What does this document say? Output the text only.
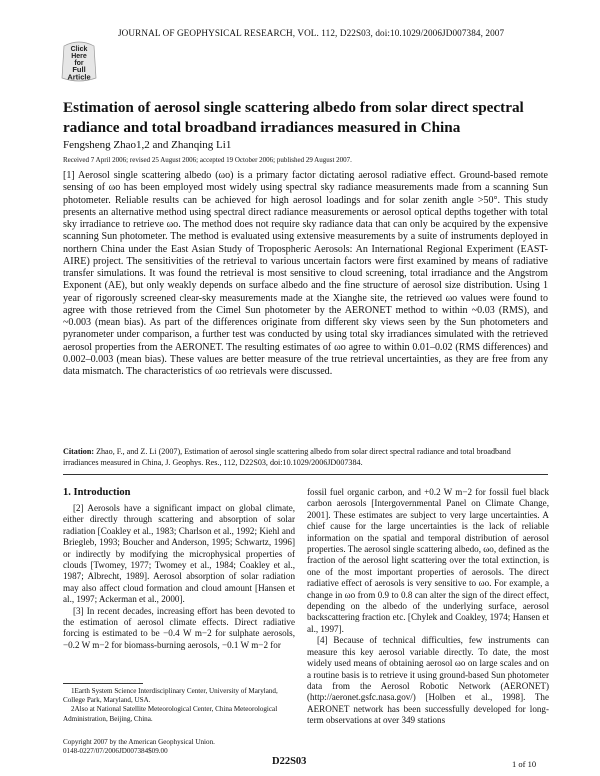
Click
Here
for
Full
Article
JOURNAL OF GEOPHYSICAL RESEARCH, VOL. 112, D22S03, doi:10.1029/2006JD007384, 2007
Estimation of aerosol single scattering albedo from solar direct spectral radiance and total broadband irradiances measured in China
Fengsheng Zhao1,2 and Zhanqing Li1
Received 7 April 2006; revised 25 August 2006; accepted 19 October 2006; published 29 August 2007.

[1] Aerosol single scattering albedo (ωo) is a primary factor dictating aerosol radiative effect. Ground-based remote sensing of ωo has been employed most widely using spectral sky radiance measurements made from a scanning Sun photometer. Reliable results can be achieved for high aerosol loadings and for solar zenith angle >50°. This study presents an alternative method using spectral direct radiance measurements or aerosol optical depths together with total sky irradiance to retrieve ωo. The method does not require sky radiance data that can only be acquired by the expensive scanning Sun photometer. The method is evaluated using extensive measurements by a suite of instruments deployed in northern China under the East Asian Study of Tropospheric Aerosols: An International Regional Experiment (EAST-AIRE) project. The sensitivities of the retrieval to various uncertain factors were first examined by means of radiative transfer simulations. It was found the retrieval is most sensitive to cloud screening, total irradiance and the Angstrom Exponent (AE), but only weakly depends on surface albedo and the fine structure of aerosol size distribution. Using 1 year of rigorously screened clear-sky measurements made at the Xianghe site, the retrieved ωo values were found to agree with those retrieved from the Cimel Sun photometer by the AERONET method to within ~0.03 (RMS), and ~0.003 (mean bias). As part of the differences originate from different sky views seen by the Sun photometers and pyranometer under comparison, a further test was conducted by using total sky irradiances simulated with the retrieved aerosol properties from the AERONET. The resulting estimates of ωo agree to within 0.01–0.02 (RMS differences) and 0.002–0.003 (mean bias). These values are better measure of the true retrieval uncertainties, as they are free from any data mismatch. The characteristics of ωo retrievals were discussed.

Citation: Zhao, F., and Z. Li (2007), Estimation of aerosol single scattering albedo from solar direct spectral radiance and total broadband irradiances measured in China, J. Geophys. Res., 112, D22S03, doi:10.1029/2006JD007384.
1. Introduction

[2] Aerosols have a significant impact on global climate, either directly through scattering and absorption of solar radiation [Coakley et al., 1983; Charlson et al., 1992; Kiehl and Briegleb, 1993; Boucher and Anderson, 1995; Schwartz, 1996] or indirectly by modifying the microphysical properties of clouds [Twomey, 1977; Twomey et al., 1984; Coakley et al., 1987; Albrecht, 1989]. Aerosol absorption of solar radiation may also affect cloud formation and cloud amount [Hansen et al., 1997; Ackerman et al., 2000].

[3] In recent decades, increasing effort has been devoted to the estimation of aerosol climate effects. Direct radiative forcing is estimated to be −0.4 W m−2 for sulphate aerosols, −0.2 W m−2 for biomass-burning aerosols, −0.1 W m−2 for

fossil fuel organic carbon, and +0.2 W m−2 for fossil fuel black carbon aerosols [Intergovernmental Panel on Climate Change, 2001]. These estimates are subject to very large uncertainties. A chief cause for the large uncertainties is the lack of reliable information on the spatial and temporal distribution of aerosol properties. The aerosol single scattering albedo, ωo, defined as the fraction of the aerosol light scattering over the total extinction, is one of the most important properties of aerosols. The direct radiative effect of aerosols is very sensitive to ωo. For example, a change in ωo from 0.9 to 0.8 can alter the sign of the direct effect, depending on the albedo of the underlying surface, aerosol backscattering fraction etc. [Chylek and Coakley, 1974; Hansen et al., 1997].

[4] Because of technical difficulties, few instruments can measure this key aerosol variable directly. To date, the most widely used means of obtaining aerosol ωo on large scales and on a routine basis is to retrieve it using ground-based Sun photometer data from the Aerosol Robotic Network (AERONET) (http://aeronet.gsfc.nasa.gov/) [Holben et al., 1998]. The AERONET network has been successfully developed for long-term observations at over 349 stations

1Earth System Science Interdisciplinary Center, University of Maryland, College Park, Maryland, USA.

2Also at National Satellite Meteorological Center, China Meteorological Administration, Beijing, China.

Copyright 2007 by the American Geophysical Union.
0148-0227/07/2006JD007384$09.00
D22S03	1 of 10
